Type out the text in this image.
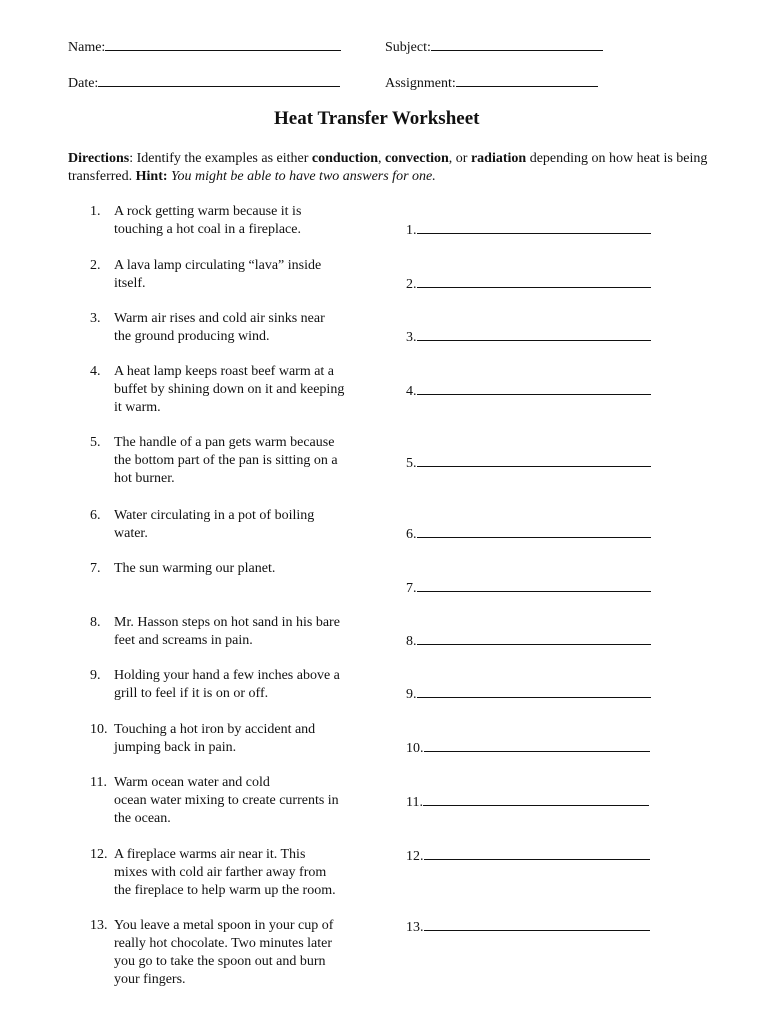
Name:	Subject:
Date:	Assignment:
Heat Transfer Worksheet
Directions: Identify the examples as either conduction, convection, or radiation depending on how heat is being transferred. Hint: You might be able to have two answers for one.
1. A rock getting warm because it is
touching a hot coal in a fireplace.	1.
2. A lava lamp circulating “lava” inside
itself.	2.
3. Warm air rises and cold air sinks near
the ground producing wind.	3.
4. A heat lamp keeps roast beef warm at a
buffet by shining down on it and keeping
it warm.
4.
5. The handle of a pan gets warm because
the bottom part of the pan is sitting on a
hot burner.
5.
6. Water circulating in a pot of boiling
water.	6.
7. The sun warming our planet.
7.
8. Mr. Hasson steps on hot sand in his bare
feet and screams in pain.	8.
9. Holding your hand a few inches above a
grill to feel if it is on or off.	9.
10. Touching a hot iron by accident and
jumping back in pain.	10.
11. Warm ocean water and cold
ocean water mixing to create currents in
the ocean.
11.
12. A fireplace warms air near it. This
mixes with cold air farther away from
the fireplace to help warm up the room.
12.
13. You leave a metal spoon in your cup of
really hot chocolate. Two minutes later
you go to take the spoon out and burn
your fingers.
13.
